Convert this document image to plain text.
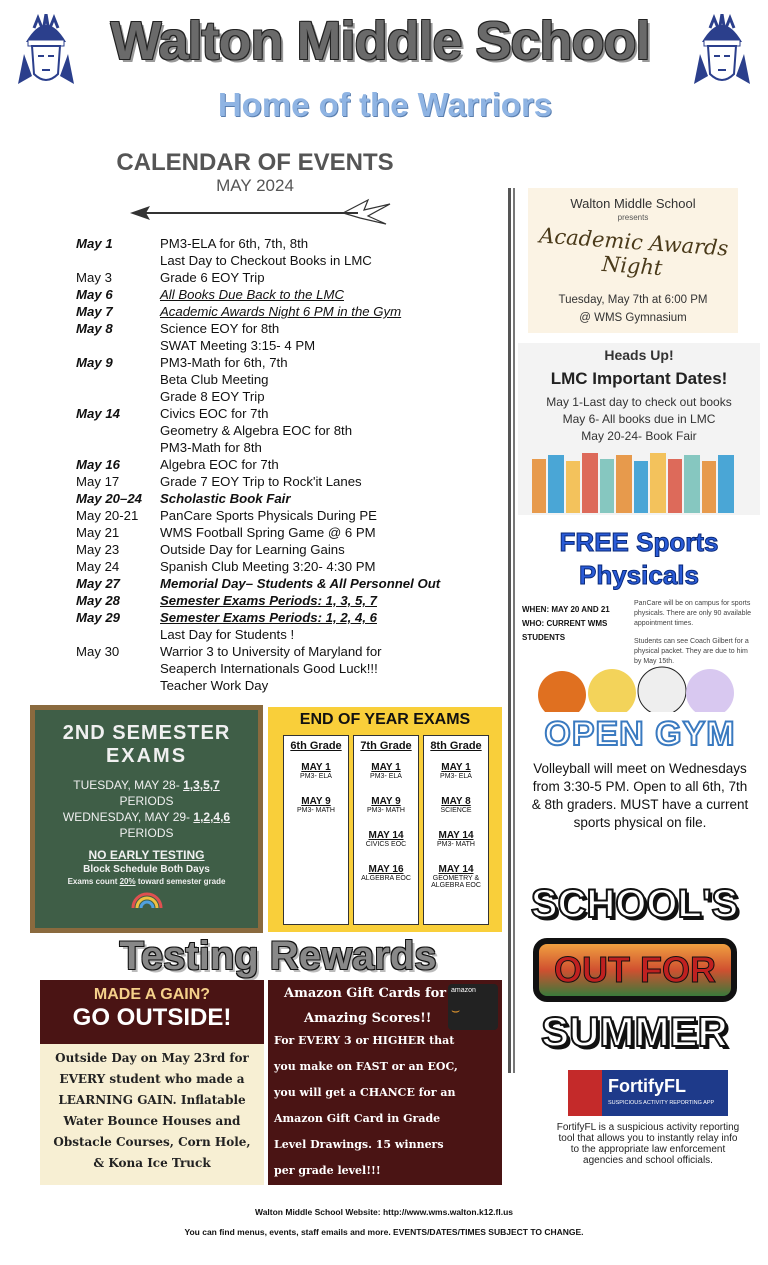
Walton Middle School
Home of the Warriors
CALENDAR OF EVENTS
MAY 2024
May 1	PM3-ELA for 6th, 7th, 8th
Last Day to Checkout Books in LMC
May 3	Grade 6 EOY Trip
May 6	All Books Due Back to the LMC
May 7	Academic Awards Night 6 PM in the Gym
May 8	Science EOY for 8th
SWAT Meeting 3:15- 4 PM
May 9	PM3-Math for 6th, 7th
Beta Club Meeting
Grade 8 EOY Trip
May 14	Civics EOC for 7th
Geometry & Algebra EOC for 8th
PM3-Math for 8th
May 16	Algebra EOC for 7th
May 17	Grade 7 EOY Trip to Rock'it Lanes
May 20–24	Scholastic Book Fair
May 20-21	PanCare Sports Physicals During PE
May 21	WMS Football Spring Game @ 6 PM
May 23	Outside Day for Learning Gains
May 24	Spanish Club Meeting 3:20- 4:30 PM
May 27	Memorial Day– Students & All Personnel Out
May 28	Semester Exams Periods: 1, 3, 5, 7
May 29	Semester Exams Periods: 1, 2, 4, 6
Last Day for Students !
May 30	Warrior 3 to University of Maryland for
Seaperch Internationals Good Luck!!!
Teacher Work Day
Walton Middle School
presents
Academic Awards Night
Tuesday, May 7th at 6:00 PM
@ WMS Gymnasium
Heads Up!
LMC Important Dates!
May 1-Last day to check out books
May 6- All books due in LMC
May 20-24- Book Fair
FREE Sports
Physicals
WHEN: MAY 20 AND 21
WHO: CURRENT WMS STUDENTS
PanCare will be on campus for sports physicals. There are only 90 available appointment times.
Students can see Coach Gilbert for a physical packet. They are due to him by May 15th.
OPEN GYM
Volleyball will meet on Wednesdays from 3:30-5 PM. Open to all 6th, 7th & 8th graders. MUST have a current sports physical on file.
SCHOOL'S
OUT FOR
SUMMER
FortifyFL
SUSPICIOUS ACTIVITY REPORTING APP
FortifyFL is a suspicious activity reporting tool that allows you to instantly relay info to the appropriate law enforcement agencies and school officials.
2ND SEMESTER
EXAMS
TUESDAY, MAY 28- 1,3,5,7
PERIODS
WEDNESDAY, MAY 29- 1,2,4,6
PERIODS
NO EARLY TESTING
Block Schedule Both Days
Exams count 20% toward semester grade
END OF YEAR EXAMS
6th Grade
MAY 1
PM3- ELA
MAY 9
PM3- MATH
7th Grade
MAY 1
PM3- ELA
MAY 9
PM3- MATH
MAY 14
CIVICS EOC
MAY 16
ALGEBRA EOC
8th Grade
MAY 1
PM3- ELA
MAY 8
SCIENCE
MAY 14
PM3- MATH
MAY 14
GEOMETRY & ALGEBRA EOC
Testing Rewards
MADE A GAIN?
GO OUTSIDE!
Outside Day on May 23rd for EVERY student who made a LEARNING GAIN. Inflatable Water Bounce Houses and Obstacle Courses, Corn Hole, & Kona Ice Truck
amazon
⌣
Amazon Gift Cards for
Amazing Scores!!
For EVERY 3 or HIGHER that you make on FAST or an EOC, you will get a CHANCE for an Amazon Gift Card in Grade Level Drawings. 15 winners per grade level!!!
Walton Middle School Website: http://www.wms.walton.k12.fl.us
You can find menus, events, staff emails and more. EVENTS/DATES/TIMES SUBJECT TO CHANGE.
